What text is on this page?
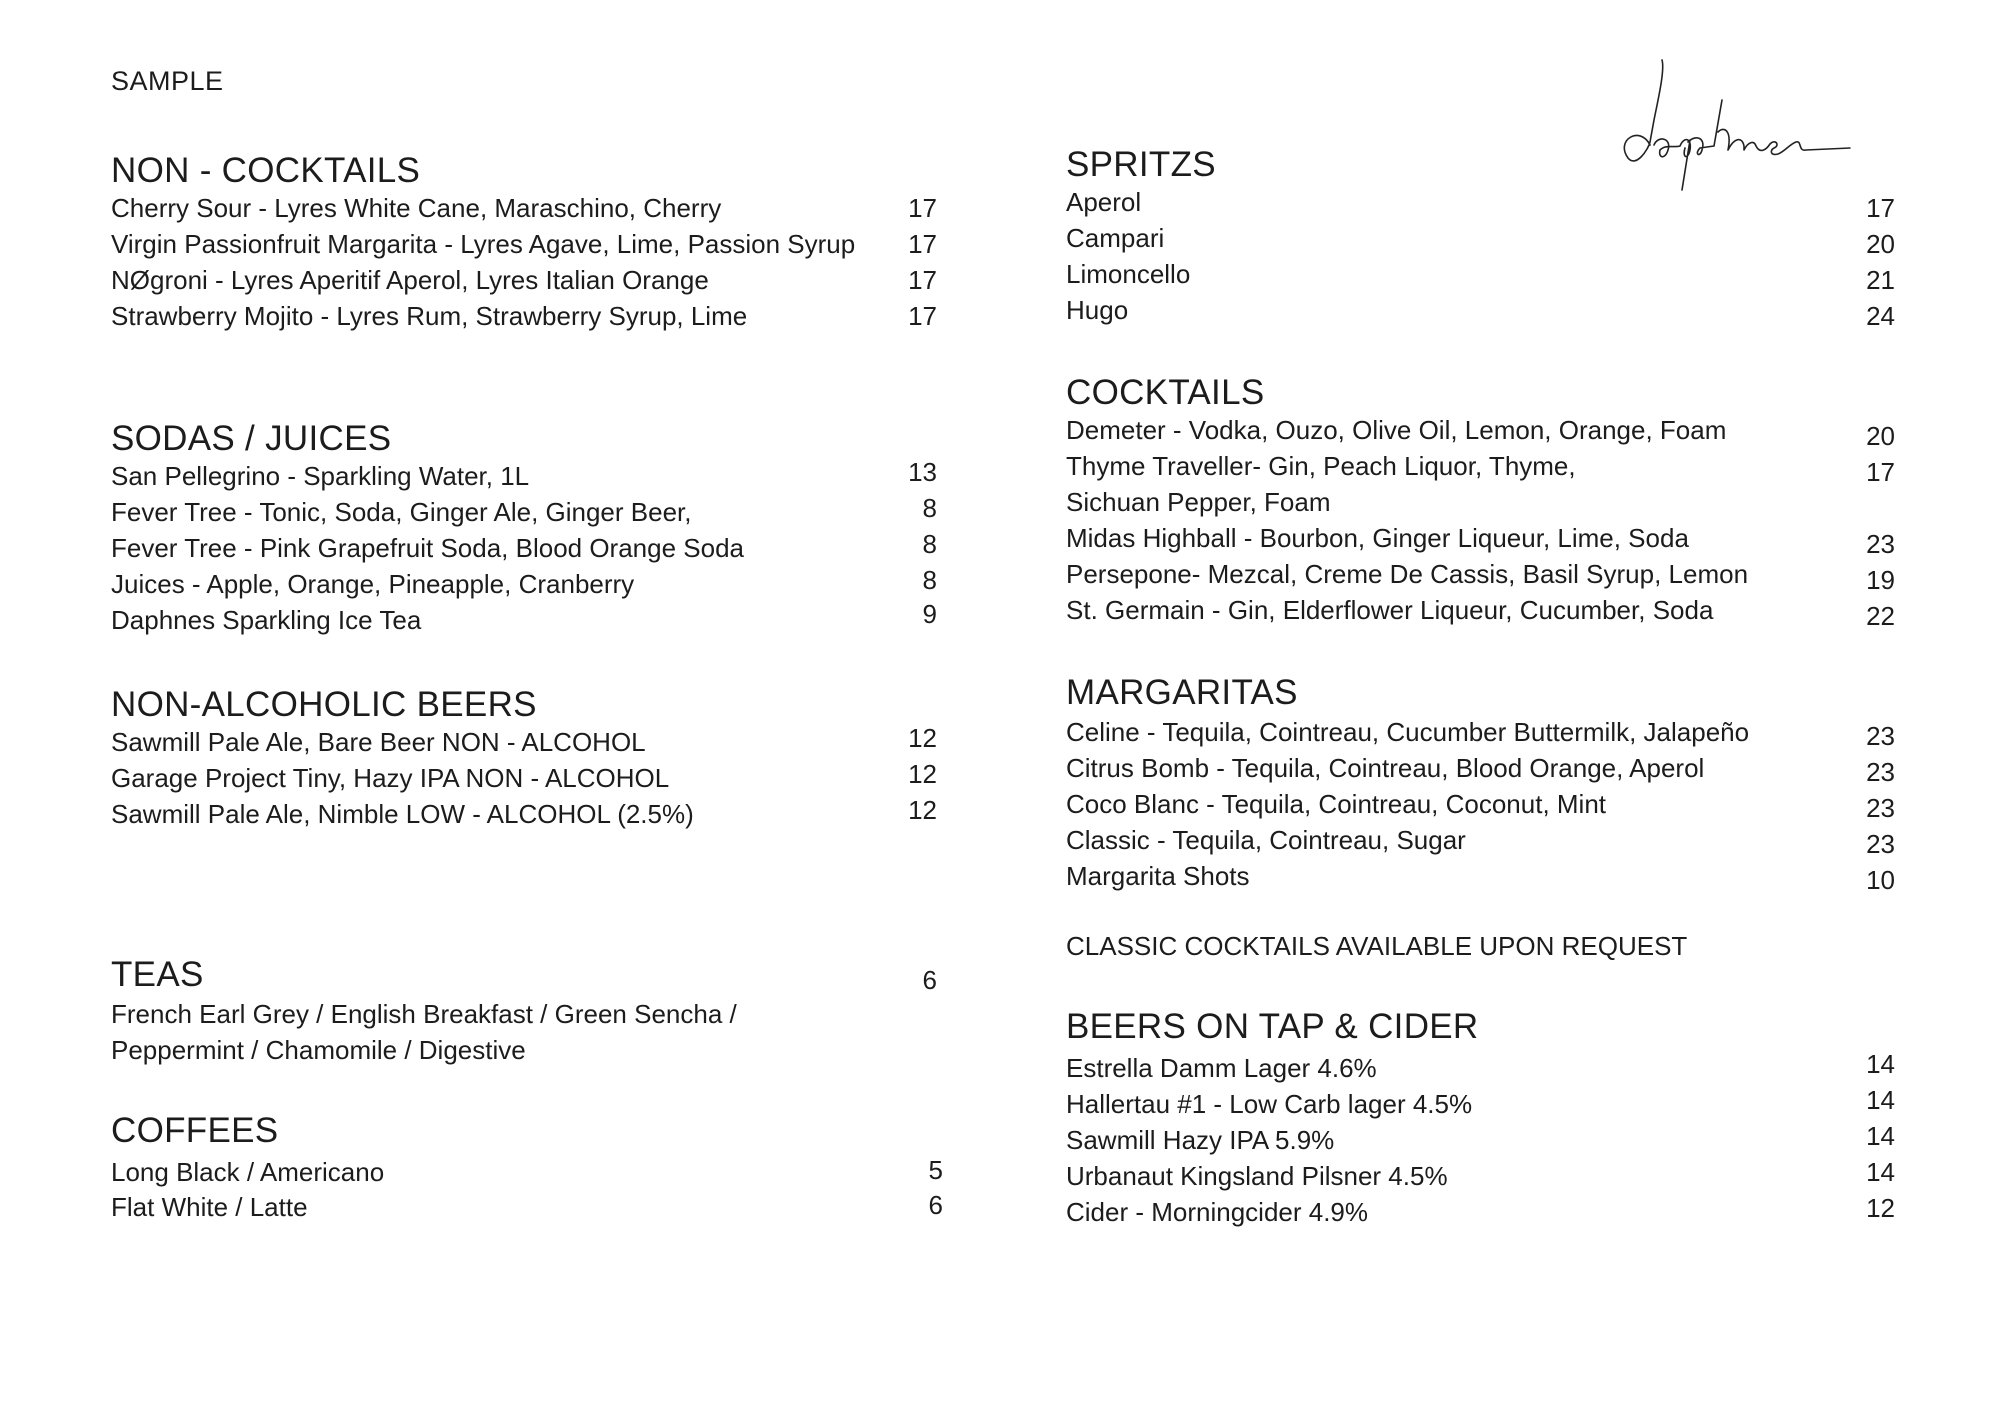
SAMPLE
NON - COCKTAILS
Cherry Sour - Lyres White Cane, Maraschino, Cherry	17
Virgin Passionfruit Margarita - Lyres Agave, Lime, Passion Syrup	17
NØgroni - Lyres Aperitif Aperol, Lyres Italian Orange	17
Strawberry Mojito - Lyres Rum, Strawberry Syrup, Lime	17
SODAS / JUICES
San Pellegrino - Sparkling Water, 1L	13
Fever Tree - Tonic, Soda, Ginger Ale, Ginger Beer,	8
Fever Tree - Pink Grapefruit Soda, Blood Orange Soda	8
Juices - Apple, Orange, Pineapple, Cranberry	8
Daphnes Sparkling Ice Tea	9
NON-ALCOHOLIC BEERS
Sawmill Pale Ale, Bare Beer NON - ALCOHOL	12
Garage Project Tiny, Hazy IPA NON - ALCOHOL	12
Sawmill Pale Ale, Nimble LOW - ALCOHOL (2.5%)	12
TEAS	6
French Earl Grey / English Breakfast / Green Sencha /
Peppermint / Chamomile / Digestive
COFFEES
Long Black / Americano	5
Flat White / Latte	6
SPRITZS
Aperol	17
Campari	20
Limoncello	21
Hugo	24
COCKTAILS
Demeter - Vodka, Ouzo, Olive Oil, Lemon, Orange, Foam	20
Thyme Traveller- Gin, Peach Liquor, Thyme,	17
Sichuan Pepper, Foam
Midas Highball - Bourbon, Ginger Liqueur, Lime, Soda	23
Persepone- Mezcal, Creme De Cassis, Basil Syrup, Lemon	19
St. Germain - Gin, Elderflower Liqueur, Cucumber, Soda	22
MARGARITAS
Celine - Tequila, Cointreau, Cucumber Buttermilk, Jalapeño	23
Citrus Bomb - Tequila, Cointreau, Blood Orange, Aperol	23
Coco Blanc - Tequila, Cointreau, Coconut, Mint	23
Classic - Tequila, Cointreau, Sugar	23
Margarita Shots	10
CLASSIC COCKTAILS AVAILABLE UPON REQUEST
BEERS ON TAP & CIDER
Estrella Damm Lager 4.6%	14
Hallertau #1 - Low Carb lager 4.5%	14
Sawmill Hazy IPA 5.9%	14
Urbanaut Kingsland Pilsner 4.5%	14
Cider - Morningcider 4.9%	12
